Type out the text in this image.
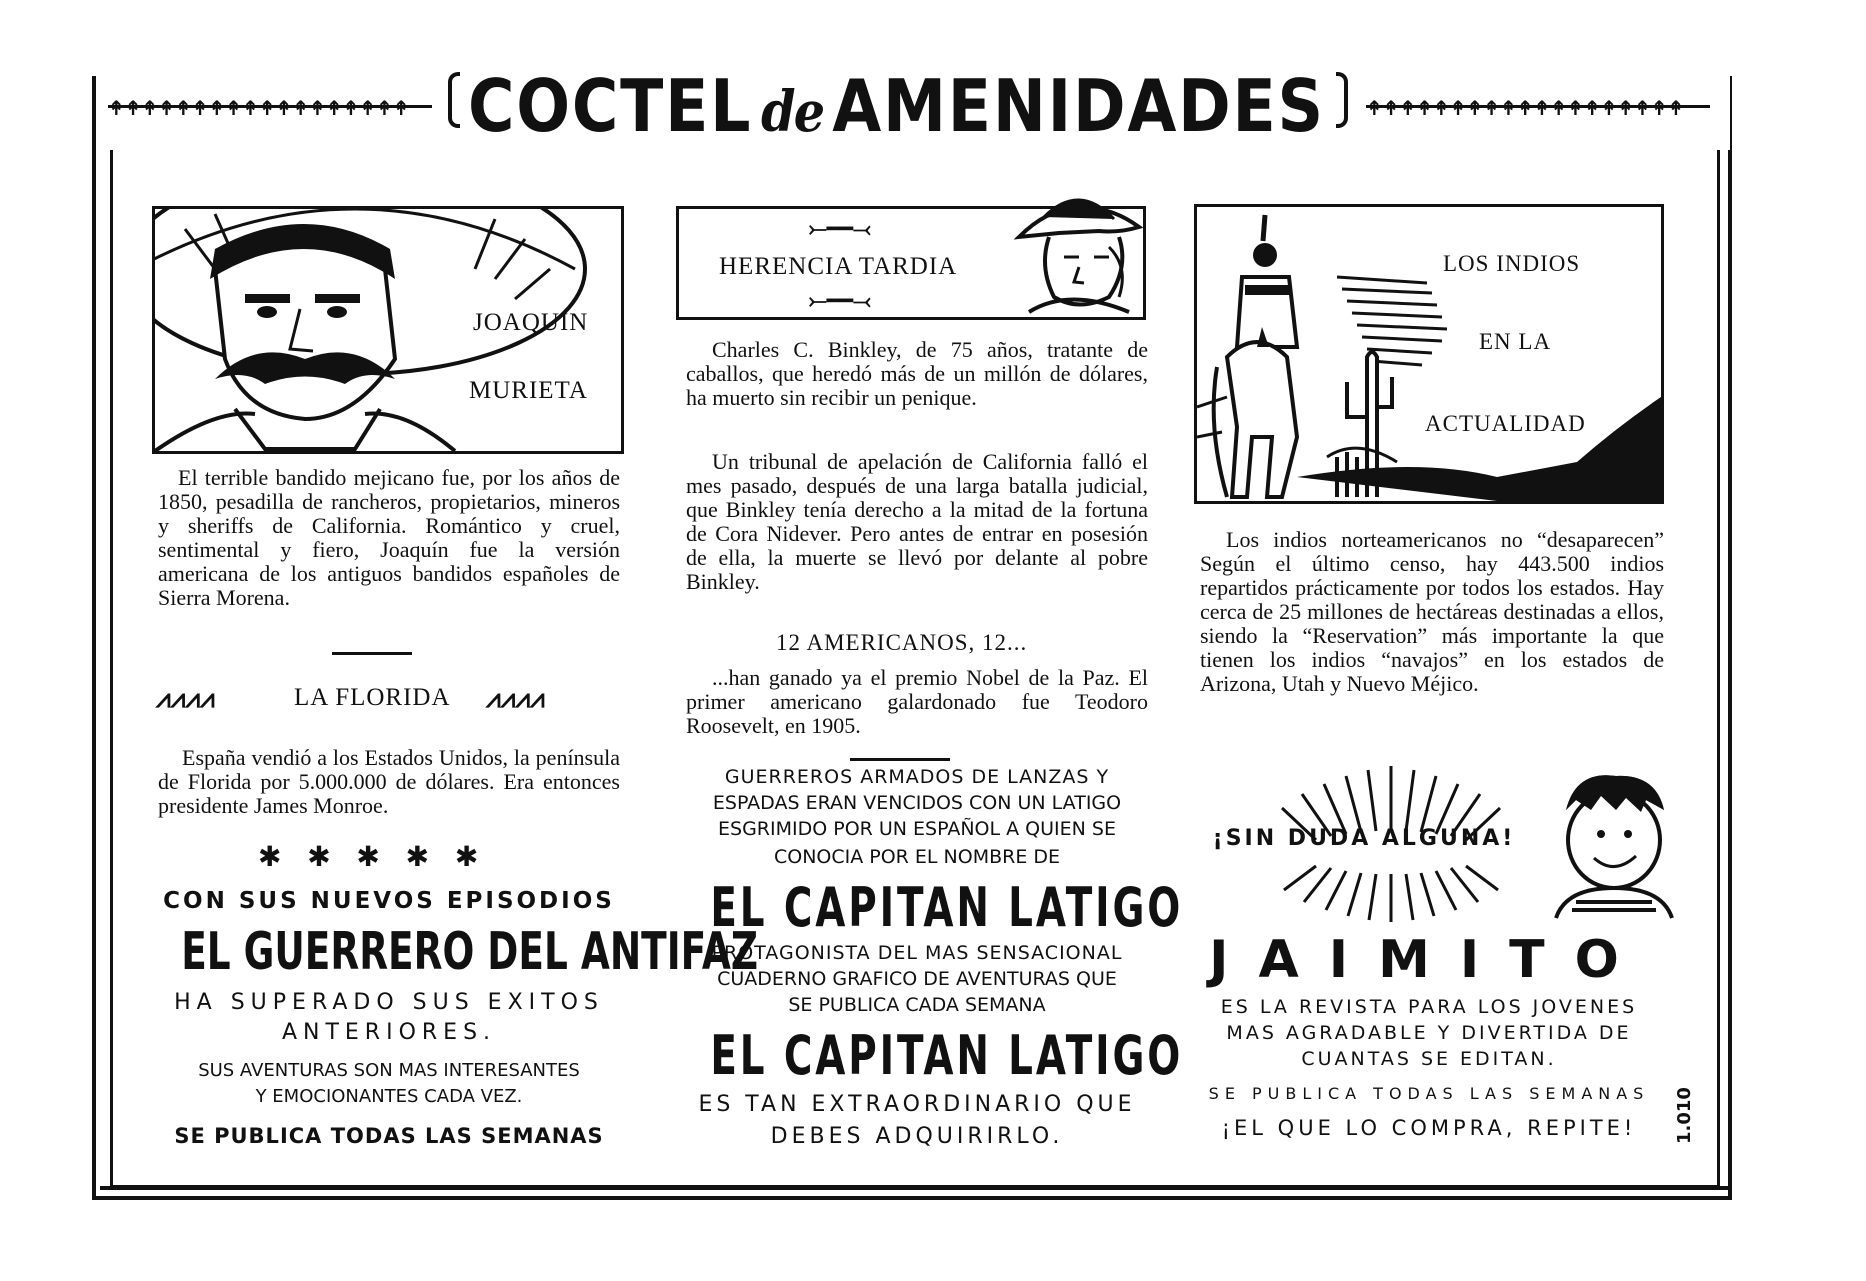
↟↟↟↟↟↟↟↟↟↟↟↟↟↟↟↟↟↟	↟↟↟↟↟↟↟↟↟↟↟↟↟↟↟↟↟↟↟
COCTEL de AMENIDADES
JOAQUIN
MURIETA
El terrible bandido mejicano fue, por los años de 1850, pesadilla de rancheros, propietarios, mineros y sheriffs de California. Romántico y cruel, sentimental y fiero, Joaquín fue la versión americana de los antiguos bandidos españoles de Sierra Morena.
⩘⩘⩘⩘	LA FLORIDA ⩘⩘⩘⩘
España vendió a los Estados Unidos, la península de Florida por 5.000.000 de dólares. Era entonces presidente James Monroe.
✱ ✱ ✱ ✱ ✱
CON SUS NUEVOS EPISODIOS
EL GUERRERO DEL ANTIFAZ
HA SUPERADO SUS EXITOS
ANTERIORES.
SUS AVENTURAS SON MAS INTERESANTES
Y EMOCIONANTES CADA VEZ.
SE PUBLICA TODAS LAS SEMANAS
⤚━━⤙
HERENCIA TARDIA
⤚━━⤙
Charles C. Binkley, de 75 años, tratante de caballos, que heredó más de un millón de dólares, ha muerto sin recibir un penique.
Un tribunal de apelación de California falló el mes pasado, después de una larga batalla judicial, que Binkley tenía derecho a la mitad de la fortuna de Cora Nidever. Pero antes de entrar en posesión de ella, la muerte se llevó por delante al pobre Binkley.
12 AMERICANOS, 12...
...han ganado ya el premio Nobel de la Paz. El primer americano galardonado fue Teodoro Roosevelt, en 1905.
GUERREROS ARMADOS DE LANZAS Y
ESPADAS ERAN VENCIDOS CON UN LATIGO
ESGRIMIDO POR UN ESPAÑOL A QUIEN SE
CONOCIA POR EL NOMBRE DE
EL CAPITAN LATIGO
PROTAGONISTA DEL MAS SENSACIONAL
CUADERNO GRAFICO DE AVENTURAS QUE
SE PUBLICA CADA SEMANA
EL CAPITAN LATIGO
ES TAN EXTRAORDINARIO QUE
DEBES ADQUIRIRLO.
LOS INDIOS
EN LA
ACTUALIDAD
Los indios norteamericanos no “desaparecen” Según el último censo, hay 443.500 indios repartidos prácticamente por todos los estados. Hay cerca de 25 millones de hectáreas destinadas a ellos, siendo la “Reservation” más importante la que tienen los indios “navajos” en los estados de Arizona, Utah y Nuevo Méjico.
¡SIN DUDA ALGUNA!
JAIMITO
ES LA REVISTA PARA LOS JOVENES
MAS AGRADABLE Y DIVERTIDA DE
CUANTAS SE EDITAN.
SE PUBLICA TODAS LAS SEMANAS
¡EL QUE LO COMPRA, REPITE!	1.010
